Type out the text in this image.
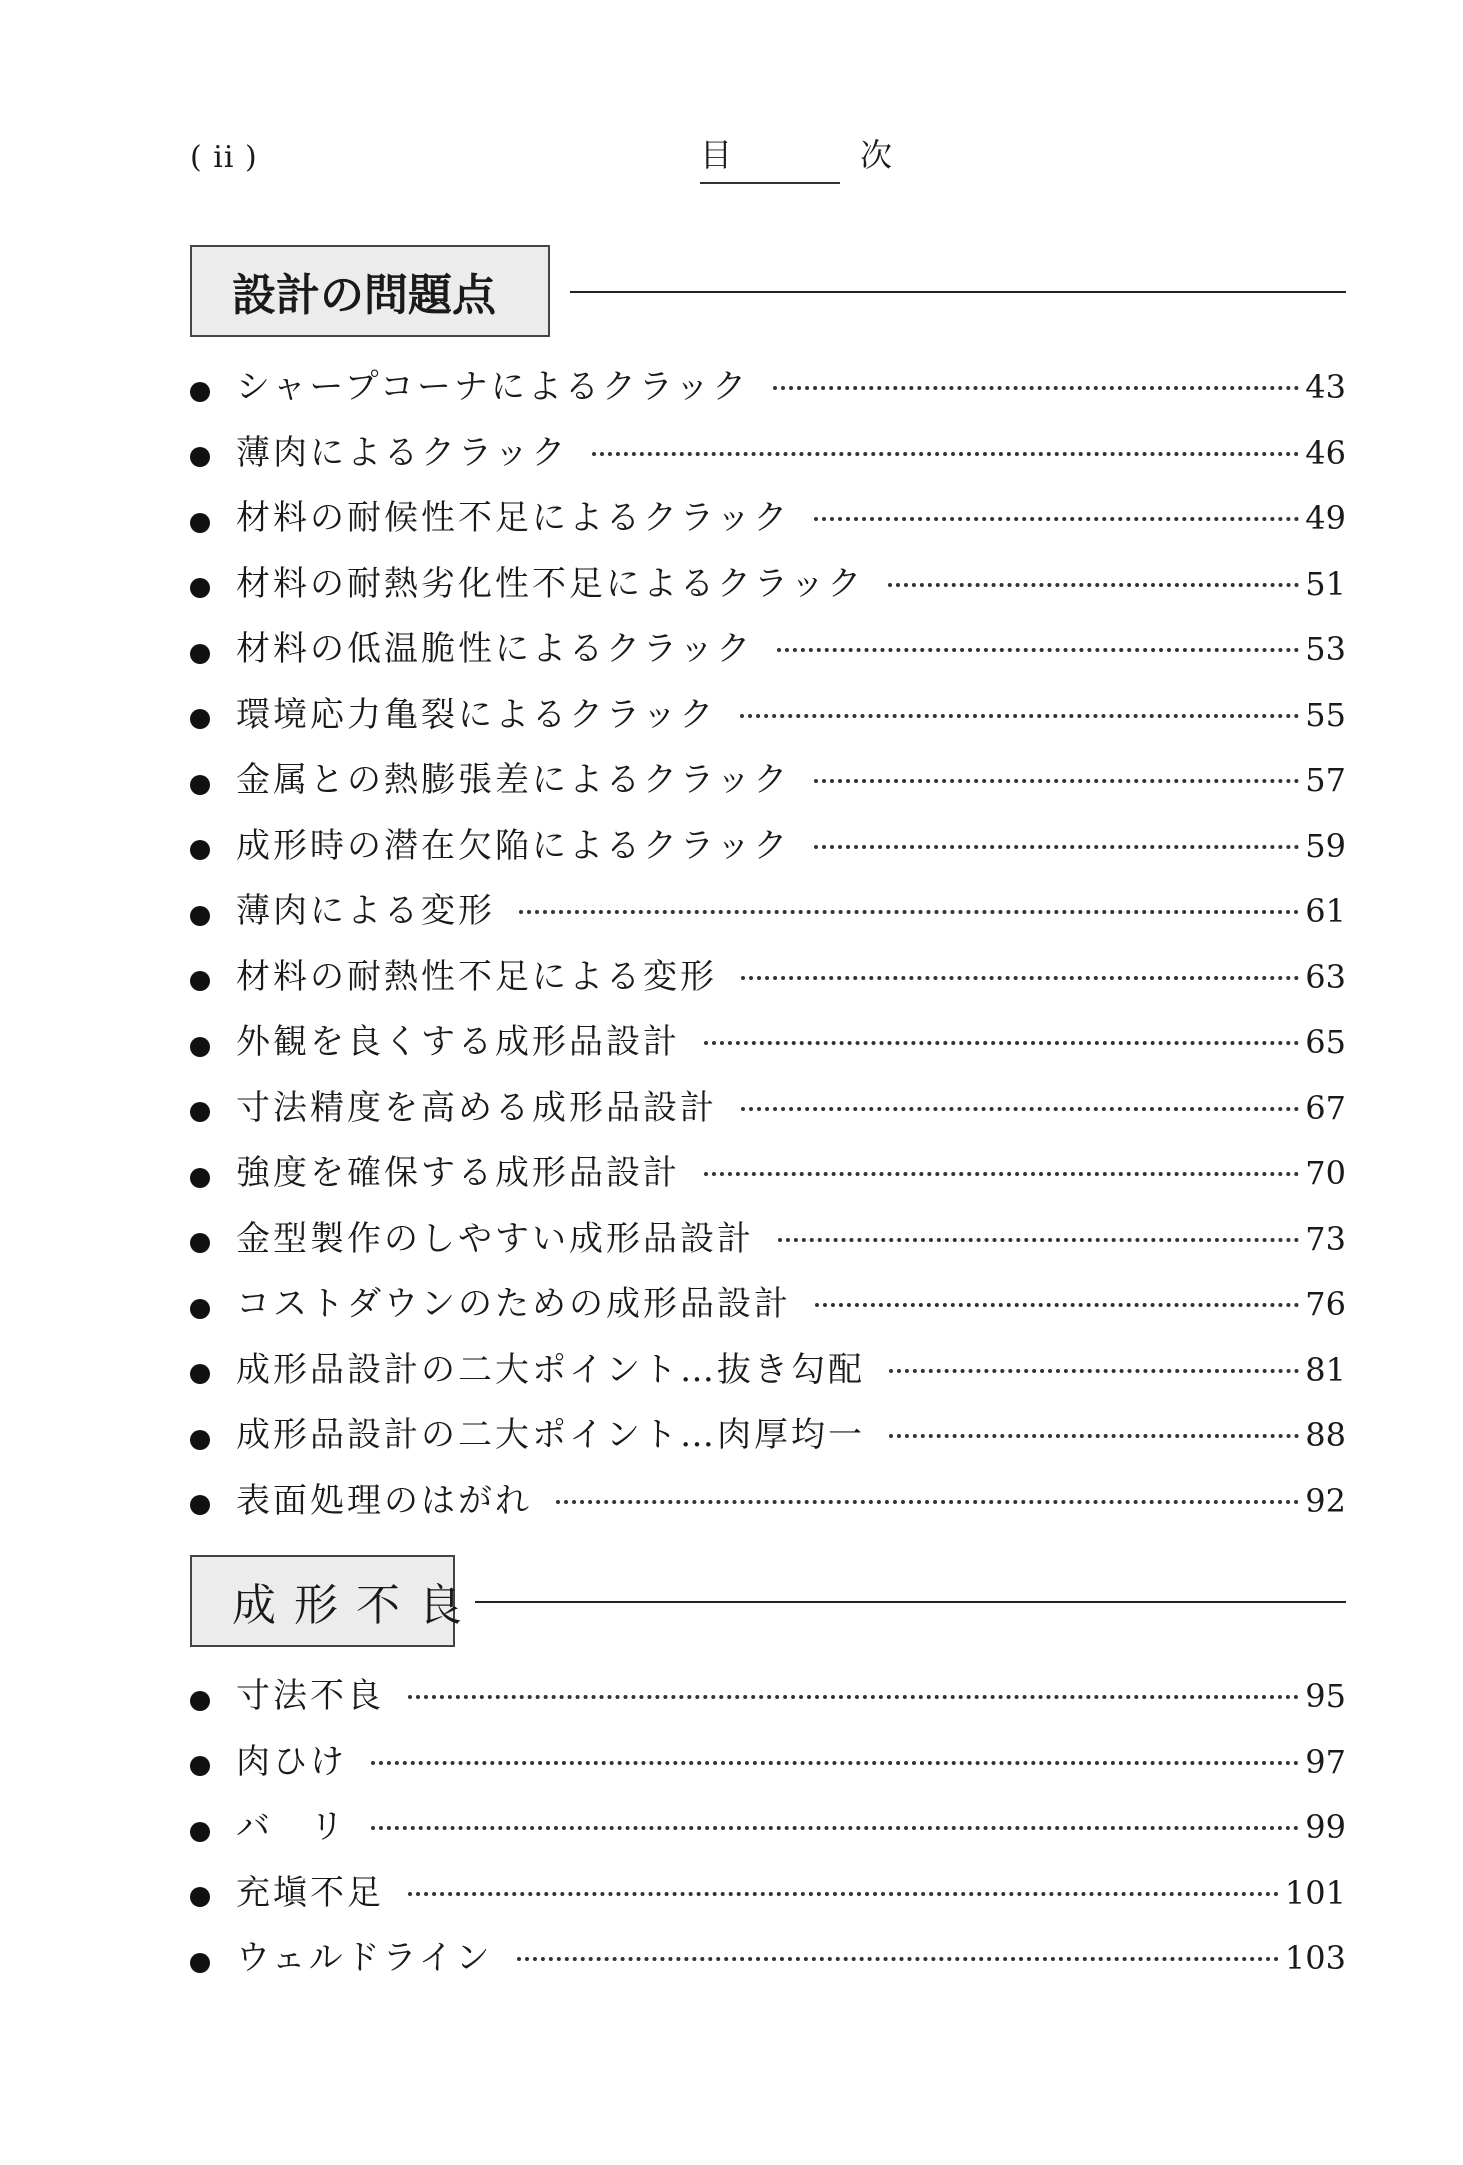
( ii )	目　次
設計の問題点
シャープコーナによるクラック	43
薄肉によるクラック	46
材料の耐候性不足によるクラック	49
材料の耐熱劣化性不足によるクラック	51
材料の低温脆性によるクラック	53
環境応力亀裂によるクラック	55
金属との熱膨張差によるクラック	57
成形時の潜在欠陥によるクラック	59
薄肉による変形	61
材料の耐熱性不足による変形	63
外観を良くする成形品設計	65
寸法精度を高める成形品設計	67
強度を確保する成形品設計	70
金型製作のしやすい成形品設計	73
コストダウンのための成形品設計	76
成形品設計の二大ポイント…抜き勾配	81
成形品設計の二大ポイント…肉厚均一	88
表面処理のはがれ	92
成 形 不 良
寸法不良	95
肉ひけ	97
バ　リ	99
充塡不足	101
ウェルドライン	103
